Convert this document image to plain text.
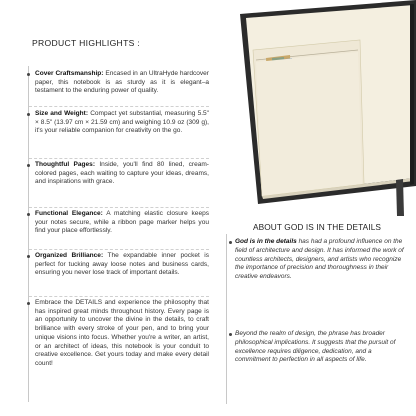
PRODUCT HIGHLIGHTS :
Cover Craftsmanship: Encased in an UltraHyde hardcover paper, this notebook is as sturdy as it is elegant–a testament to the enduring power of quality.
Size and Weight: Compact yet substantial, measuring 5.5" × 8.5" (13.97 cm × 21.59 cm) and weighing 10.9 oz (309 g), it's your reliable companion for creativity on the go.
Thoughtful Pages: Inside, you'll find 80 lined, cream-colored pages, each waiting to capture your ideas, dreams, and inspirations with grace.
Functional Elegance: A matching elastic closure keeps your notes secure, while a ribbon page marker helps you find your place effortlessly.
Organized Brilliance: The expandable inner pocket is perfect for tucking away loose notes and business cards, ensuring you never lose track of important details.
Embrace the DETAILS and experience the philosophy that has inspired great minds throughout history. Every page is an opportunity to uncover the divine in the details, to craft brilliance with every stroke of your pen, and to bring your unique visions into focus. Whether you're a writer, an artist, or an architect of ideas, this notebook is your conduit to creative excellence. Get yours today and make every detail count!
ABOUT GOD IS IN THE DETAILS
God is in the details has had a profound influence on the field of architecture and design. It has informed the work of countless architects, designers, and artists who recognize the importance of precision and thoroughness in their creative endeavors.
Beyond the realm of design, the phrase has broader philosophical implications. It suggests that the pursuit of excellence requires diligence, dedication, and a commitment to perfection in all aspects of life.
